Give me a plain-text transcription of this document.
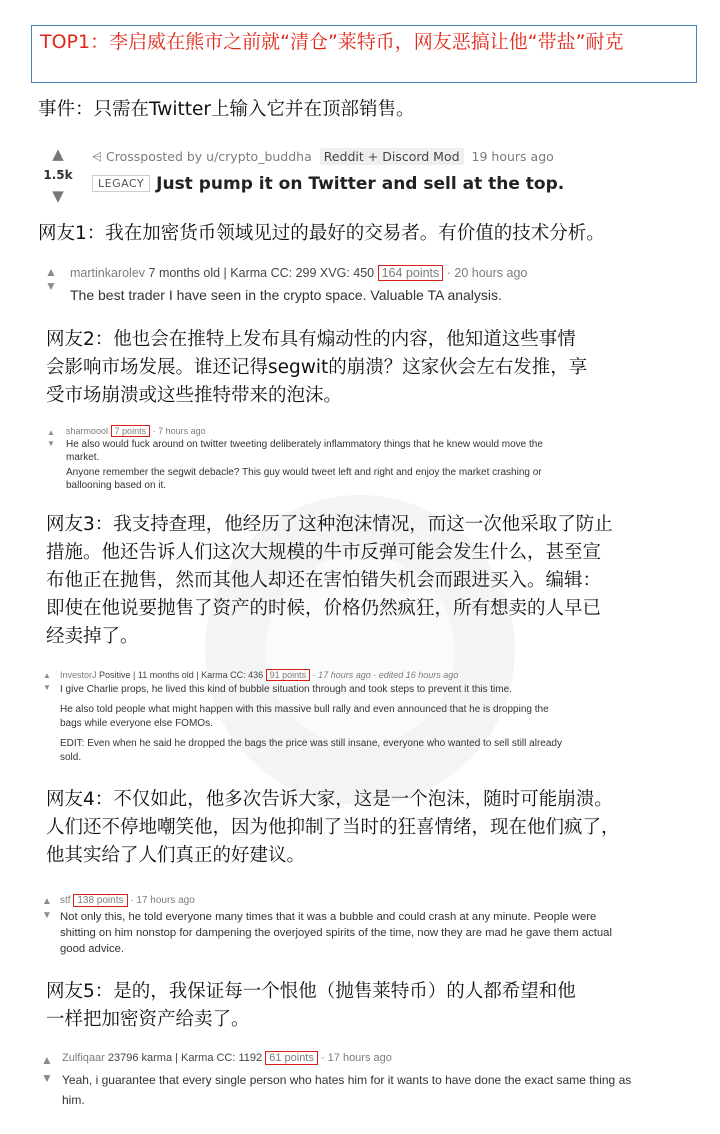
TOP1：李启威在熊市之前就“清仓”莱特币，网友恶搞让他“带盐”耐克
事件：只需在Twitter上输入它并在顶部销售。
▲
1.5k
▼
⩤ Crossposted by u/crypto_buddha Reddit + Discord Mod 19 hours ago
LEGACY Just pump it on Twitter and sell at the top.

网友1：我在加密货币领域见过的最好的交易者。有价值的技术分析。

▲
▼
martinkarolev 7 months old | Karma CC: 299 XVG: 450 164 points · 20 hours ago

The best trader I have seen in the crypto space. Valuable TA analysis.

网友2：他也会在推特上发布具有煽动性的内容，他知道这些事情

会影响市场发展。谁还记得segwit的崩溃？这家伙会左右发推，享

受市场崩溃或这些推特带来的泡沫。

▲
▼
sharmoool 7 points · 7 hours ago

He also would fuck around on twitter tweeting deliberately inflammatory things that he knew would move the

market.

Anyone remember the segwit debacle? This guy would tweet left and right and enjoy the market crashing or

ballooning based on it.

网友3：我支持查理，他经历了这种泡沫情况，而这一次他采取了防止

措施。他还告诉人们这次大规模的牛市反弹可能会发生什么，甚至宣

布他正在抛售，然而其他人却还在害怕错失机会而跟进买入。编辑：

即使在他说要抛售了资产的时候，价格仍然疯狂，所有想卖的人早已

经卖掉了。

▲
▼
InvestorJ Positive | 11 months old | Karma CC: 436 91 points · 17 hours ago · edited 16 hours ago

I give Charlie props, he lived this kind of bubble situation through and took steps to prevent it this time.

He also told people what might happen with this massive bull rally and even announced that he is dropping the

bags while everyone else FOMOs.

EDIT: Even when he said he dropped the bags the price was still insane, everyone who wanted to sell still already

sold.

网友4：不仅如此，他多次告诉大家，这是一个泡沫，随时可能崩溃。

人们还不停地嘲笑他，因为他抑制了当时的狂喜情绪，现在他们疯了，

他其实给了人们真正的好建议。

▲
▼
stf 138 points · 17 hours ago

Not only this, he told everyone many times that it was a bubble and could crash at any minute. People were

shitting on him nonstop for dampening the overjoyed spirits of the time, now they are mad he gave them actual

good advice.

网友5：是的，我保证每一个恨他（抛售莱特币）的人都希望和他

一样把加密资产给卖了。

▲
▼
Zulfiqaar 23796 karma | Karma CC: 1192 61 points · 17 hours ago

Yeah, i guarantee that every single person who hates him for it wants to have done the exact same thing as

him.
